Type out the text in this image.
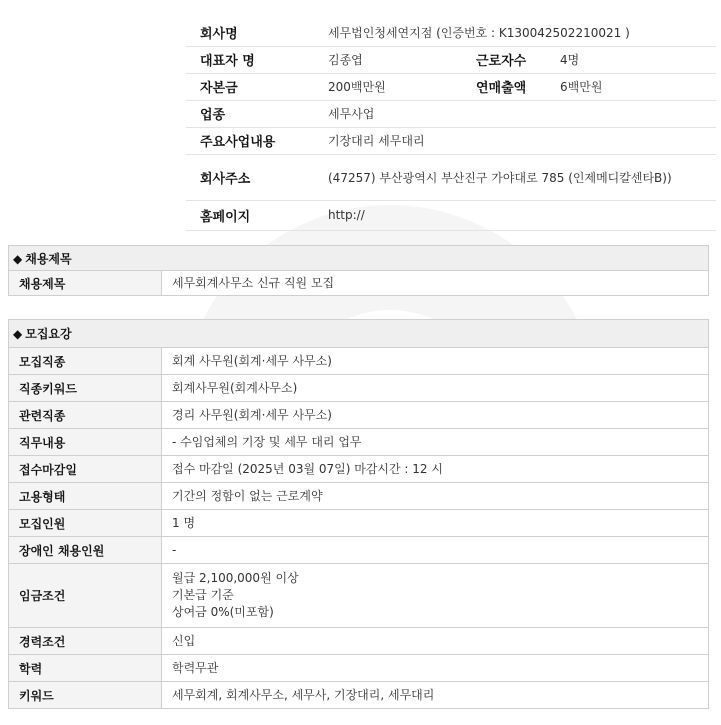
회사명	세무법인청세연지점 (인증번호 : K130042502210021 )		
대표자 명	김종엽	근로자수	4명
자본금	200백만원	연매출액	6백만원
업종	세무사업		
주요사업내용	기장대리 세무대리		
회사주소	(47257) 부산광역시 부산진구 가야대로 785 (인제메디칼센타B))		
홈페이지	http://		
◆ 채용제목
채용제목	세무회계사무소 신규 직원 모집
◆ 모집요강	
모집직종	회계 사무원(회계·세무 사무소)
직종키워드	회계사무원(회계사무소)
관련직종	경리 사무원(회계·세무 사무소)
직무내용	- 수임업체의 기장 및 세무 대리 업무
접수마감일	접수 마감일 (2025년 03월 07일) 마감시간 : 12 시
고용형태	기간의 정함이 없는 근로계약
모집인원	1 명
장애인 채용인원	-
임금조건	월급 2,100,000원 이상
기본급 기준
상여금 0%(미포함)

경력조건	신입
학력	학력무관
키워드	세무회계, 회계사무소, 세무사, 기장대리, 세무대리
